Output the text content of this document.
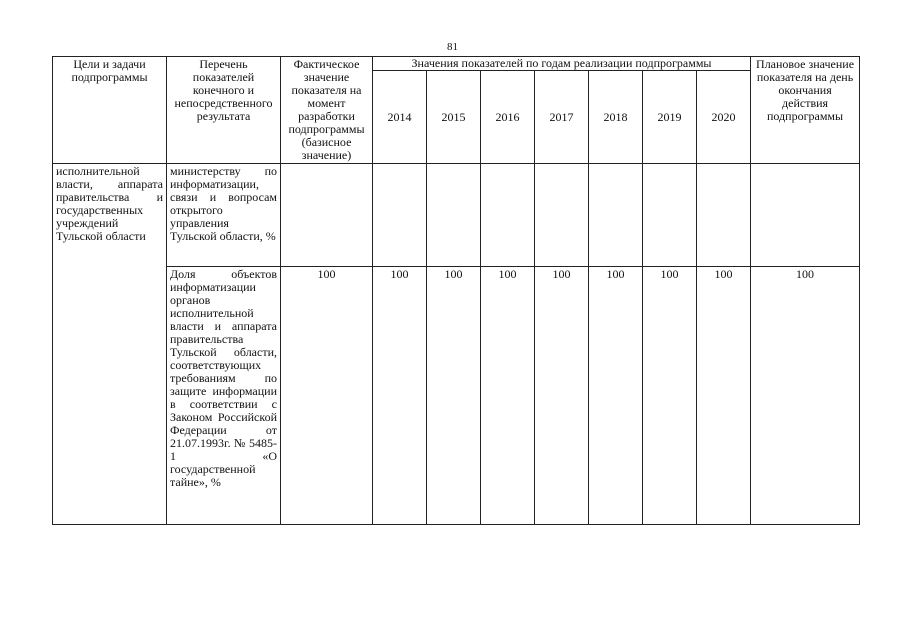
81
Цели и задачи подпрограммы	Перечень показателей конечного и непосредственного результата	Фактическое значение показателя на момент разработки подпрограммы (базисное значение)	Значения показателей по годам реализации подпрограммы							Плановое значение показателя на день окончания действия подпрограммы
			2014	2015	2016	2017	2018	2019	2020	
исполнительной власти, аппарата правительства и государственных учреждений Тульской области	министерству по информатизации, связи и вопросам открытого управления Тульской области, %									
	Доля объектов информатизации органов исполнительной власти и аппарата правительства Тульской области, соответствующих требованиям по защите информации в соответствии с Законом Российской Федерации от 21.07.1993г. № 5485-1 «О государственной тайне», %	100	100	100	100	100	100	100	100	100
